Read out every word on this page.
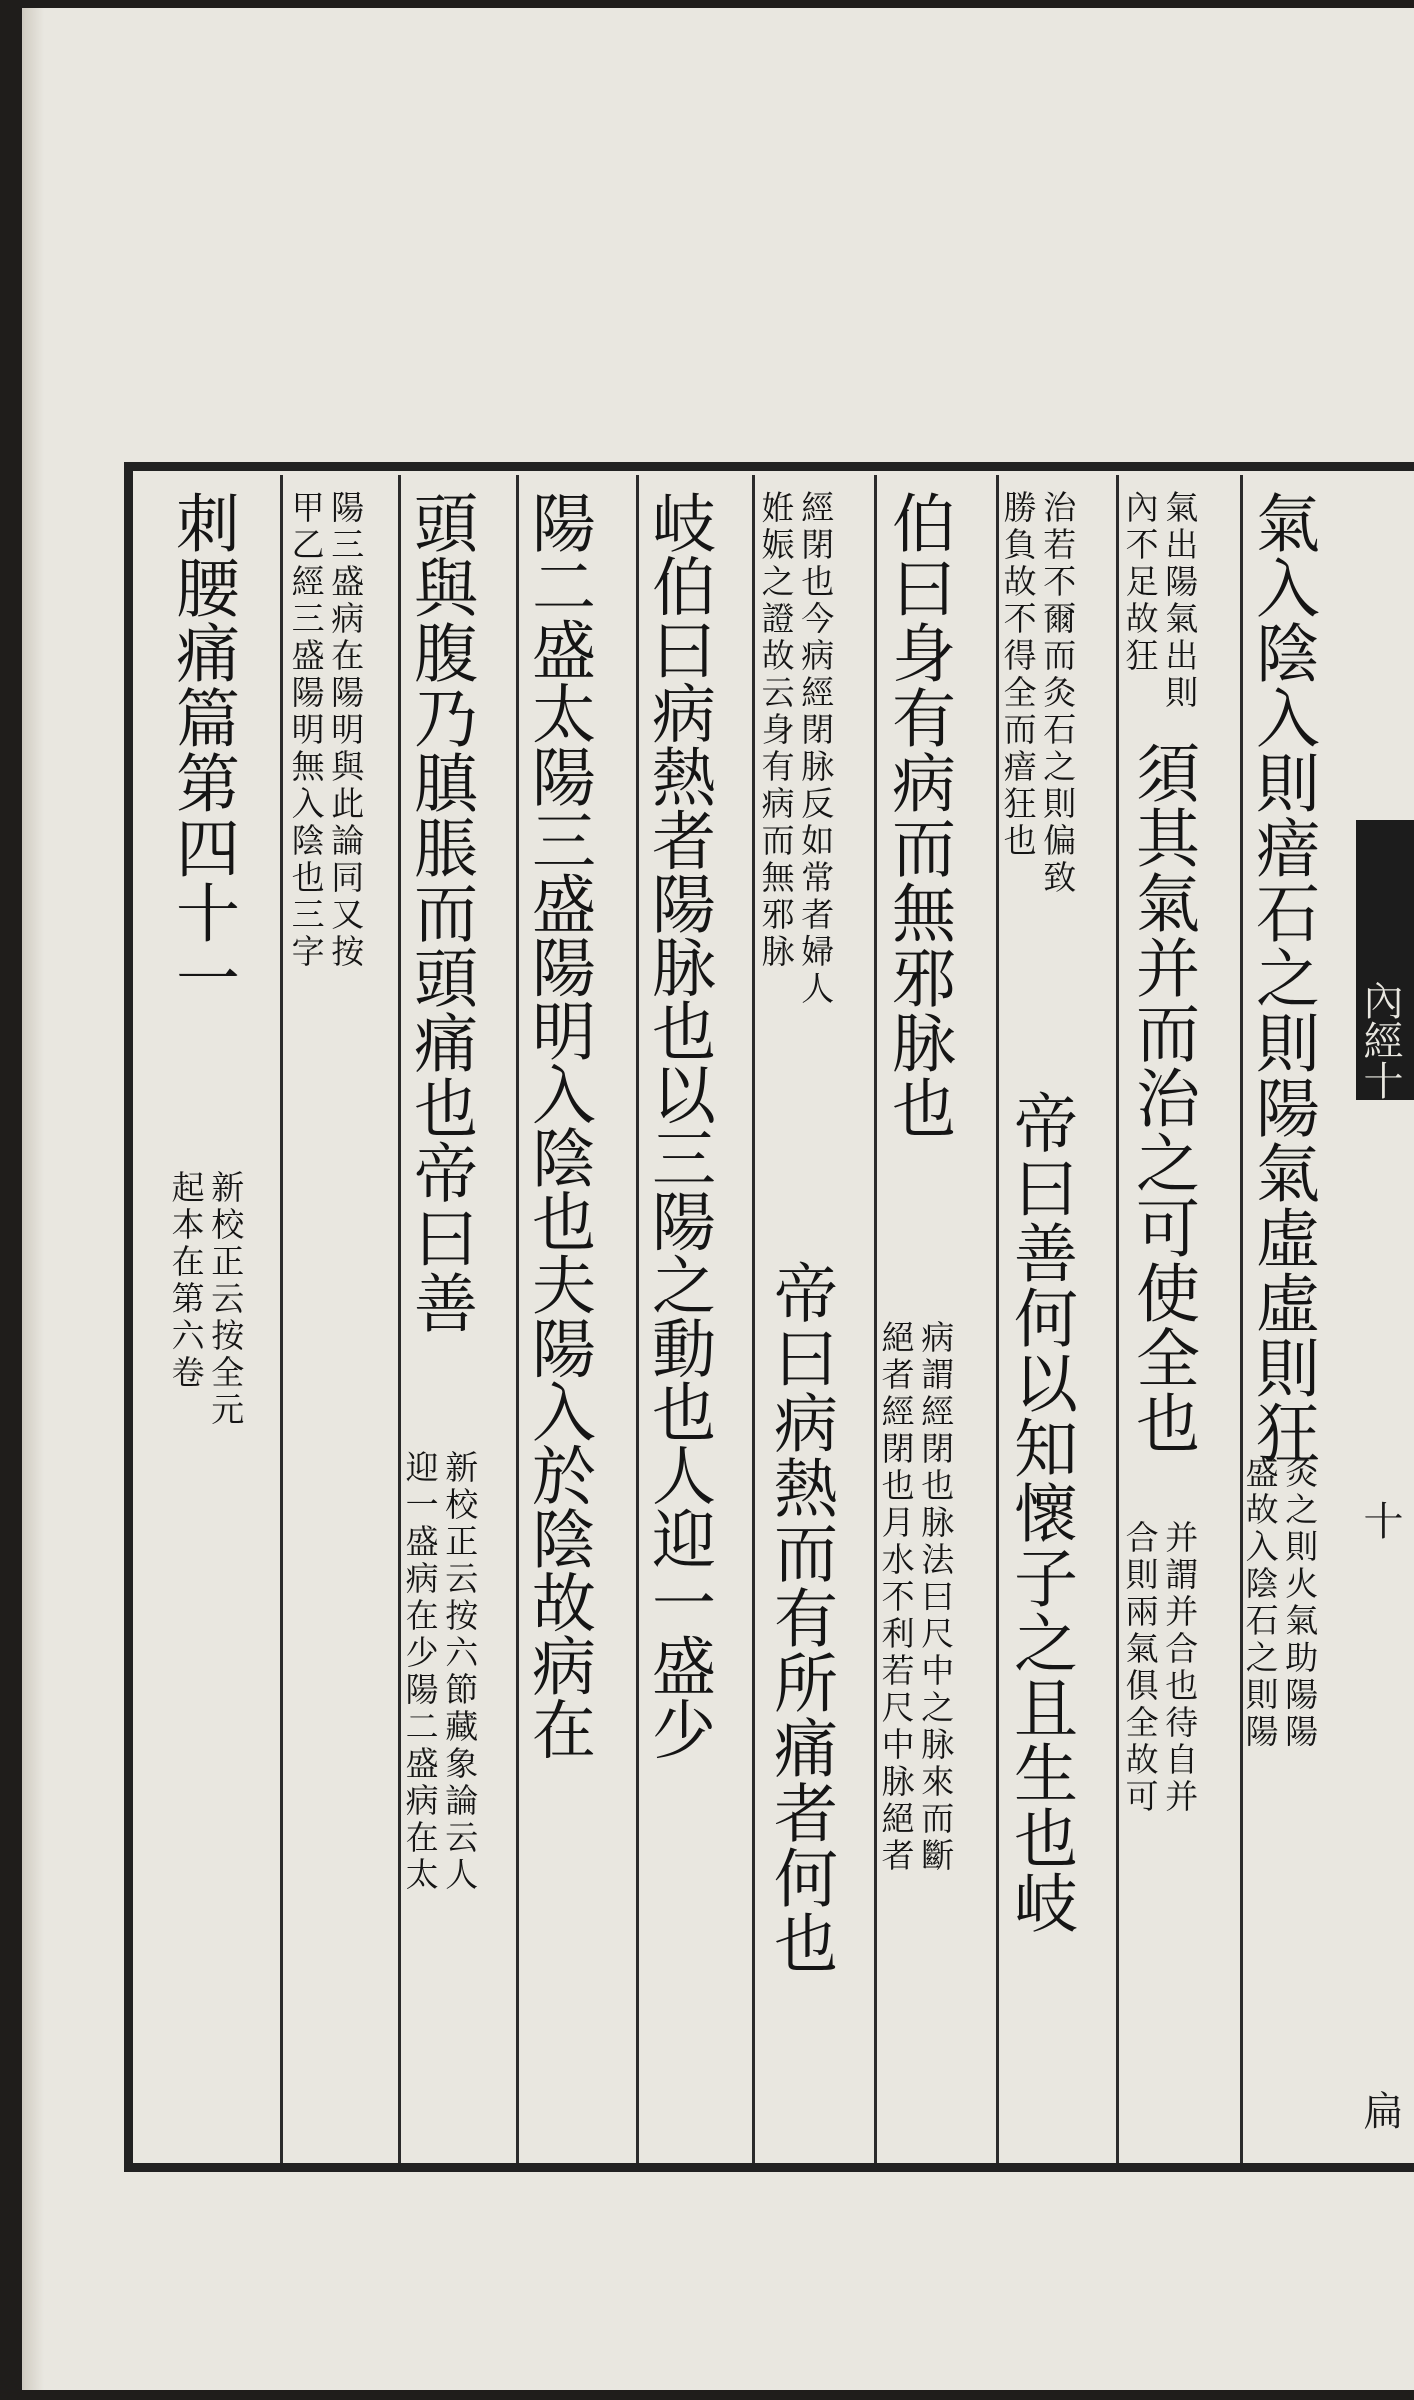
內經十
十
扁
氣入陰入則瘖石之則陽氣虛虛則狂
灸之則火氣助陽陽
盛故入陰石之則陽
氣出陽氣出則
內不足故狂
須其氣并而治之可使全也
并謂并合也待自并
合則兩氣俱全故可
治若不爾而灸石之則偏致
勝負故不得全而瘖狂也
帝曰善何以知懷子之且生也岐
伯曰身有病而無邪脉也
病謂經閉也脉法曰尺中之脉來而斷
絕者經閉也月水不利若尺中脉絕者
經閉也今病經閉脉反如常者婦人
姙娠之證故云身有病而無邪脉
帝曰病熱而有所痛者何也
岐伯曰病熱者陽脉也以三陽之動也人迎一盛少
陽二盛太陽三盛陽明入陰也夫陽入於陰故病在
頭與腹乃䐜脹而頭痛也帝曰善
新校正云按六節藏象論云人
迎一盛病在少陽二盛病在太
陽三盛病在陽明與此論同又按
甲乙經三盛陽明無入陰也三字
刺腰痛篇第四十一
新校正云按全元
起本在第六卷
